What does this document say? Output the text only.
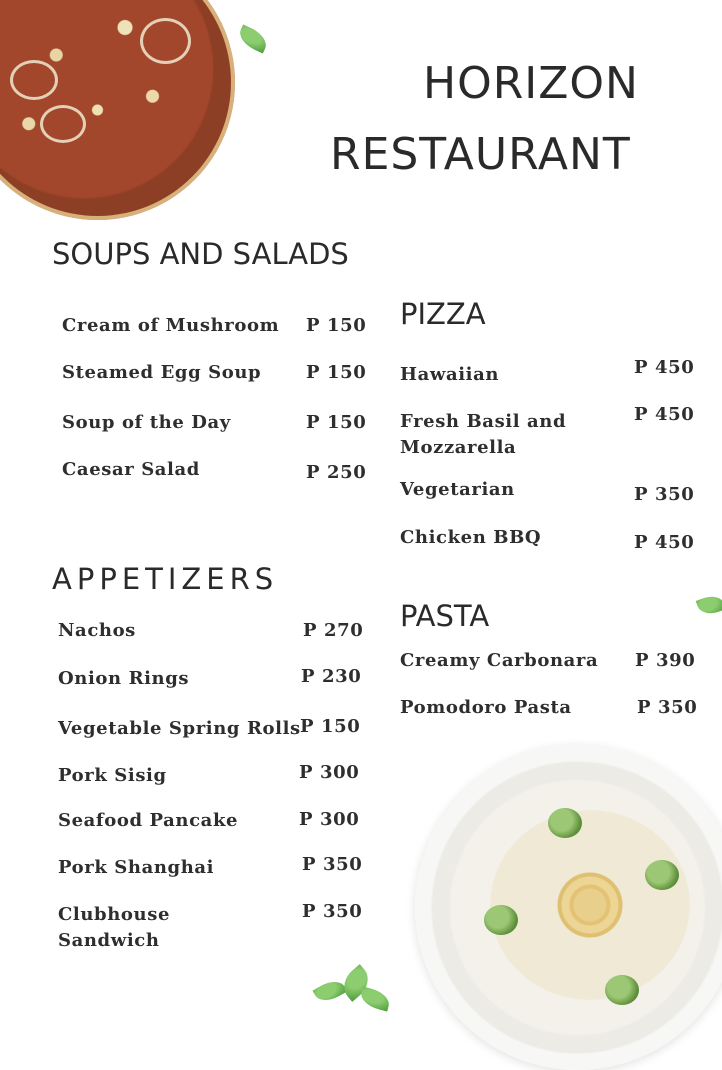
HORIZON
RESTAURANT
SOUPS AND SALADS
Cream of Mushroom P 150
Steamed Egg Soup P 150
Soup of the Day	P 150
Caesar Salad	P 250
APPETIZERS
Nachos	P 270
Onion Rings	P 230
Vegetable Spring Rolls P 150
Pork Sisig	P 300
Seafood Pancake	P 300
Pork Shanghai	P 350
Clubhouse Sandwich
P 350
PIZZA
Hawaiian	P 450
Fresh Basil and Mozzarella
P 450
Vegetarian	P 350
Chicken BBQ	P 450
PASTA
Creamy Carbonara P 390
Pomodoro Pasta	P 350
